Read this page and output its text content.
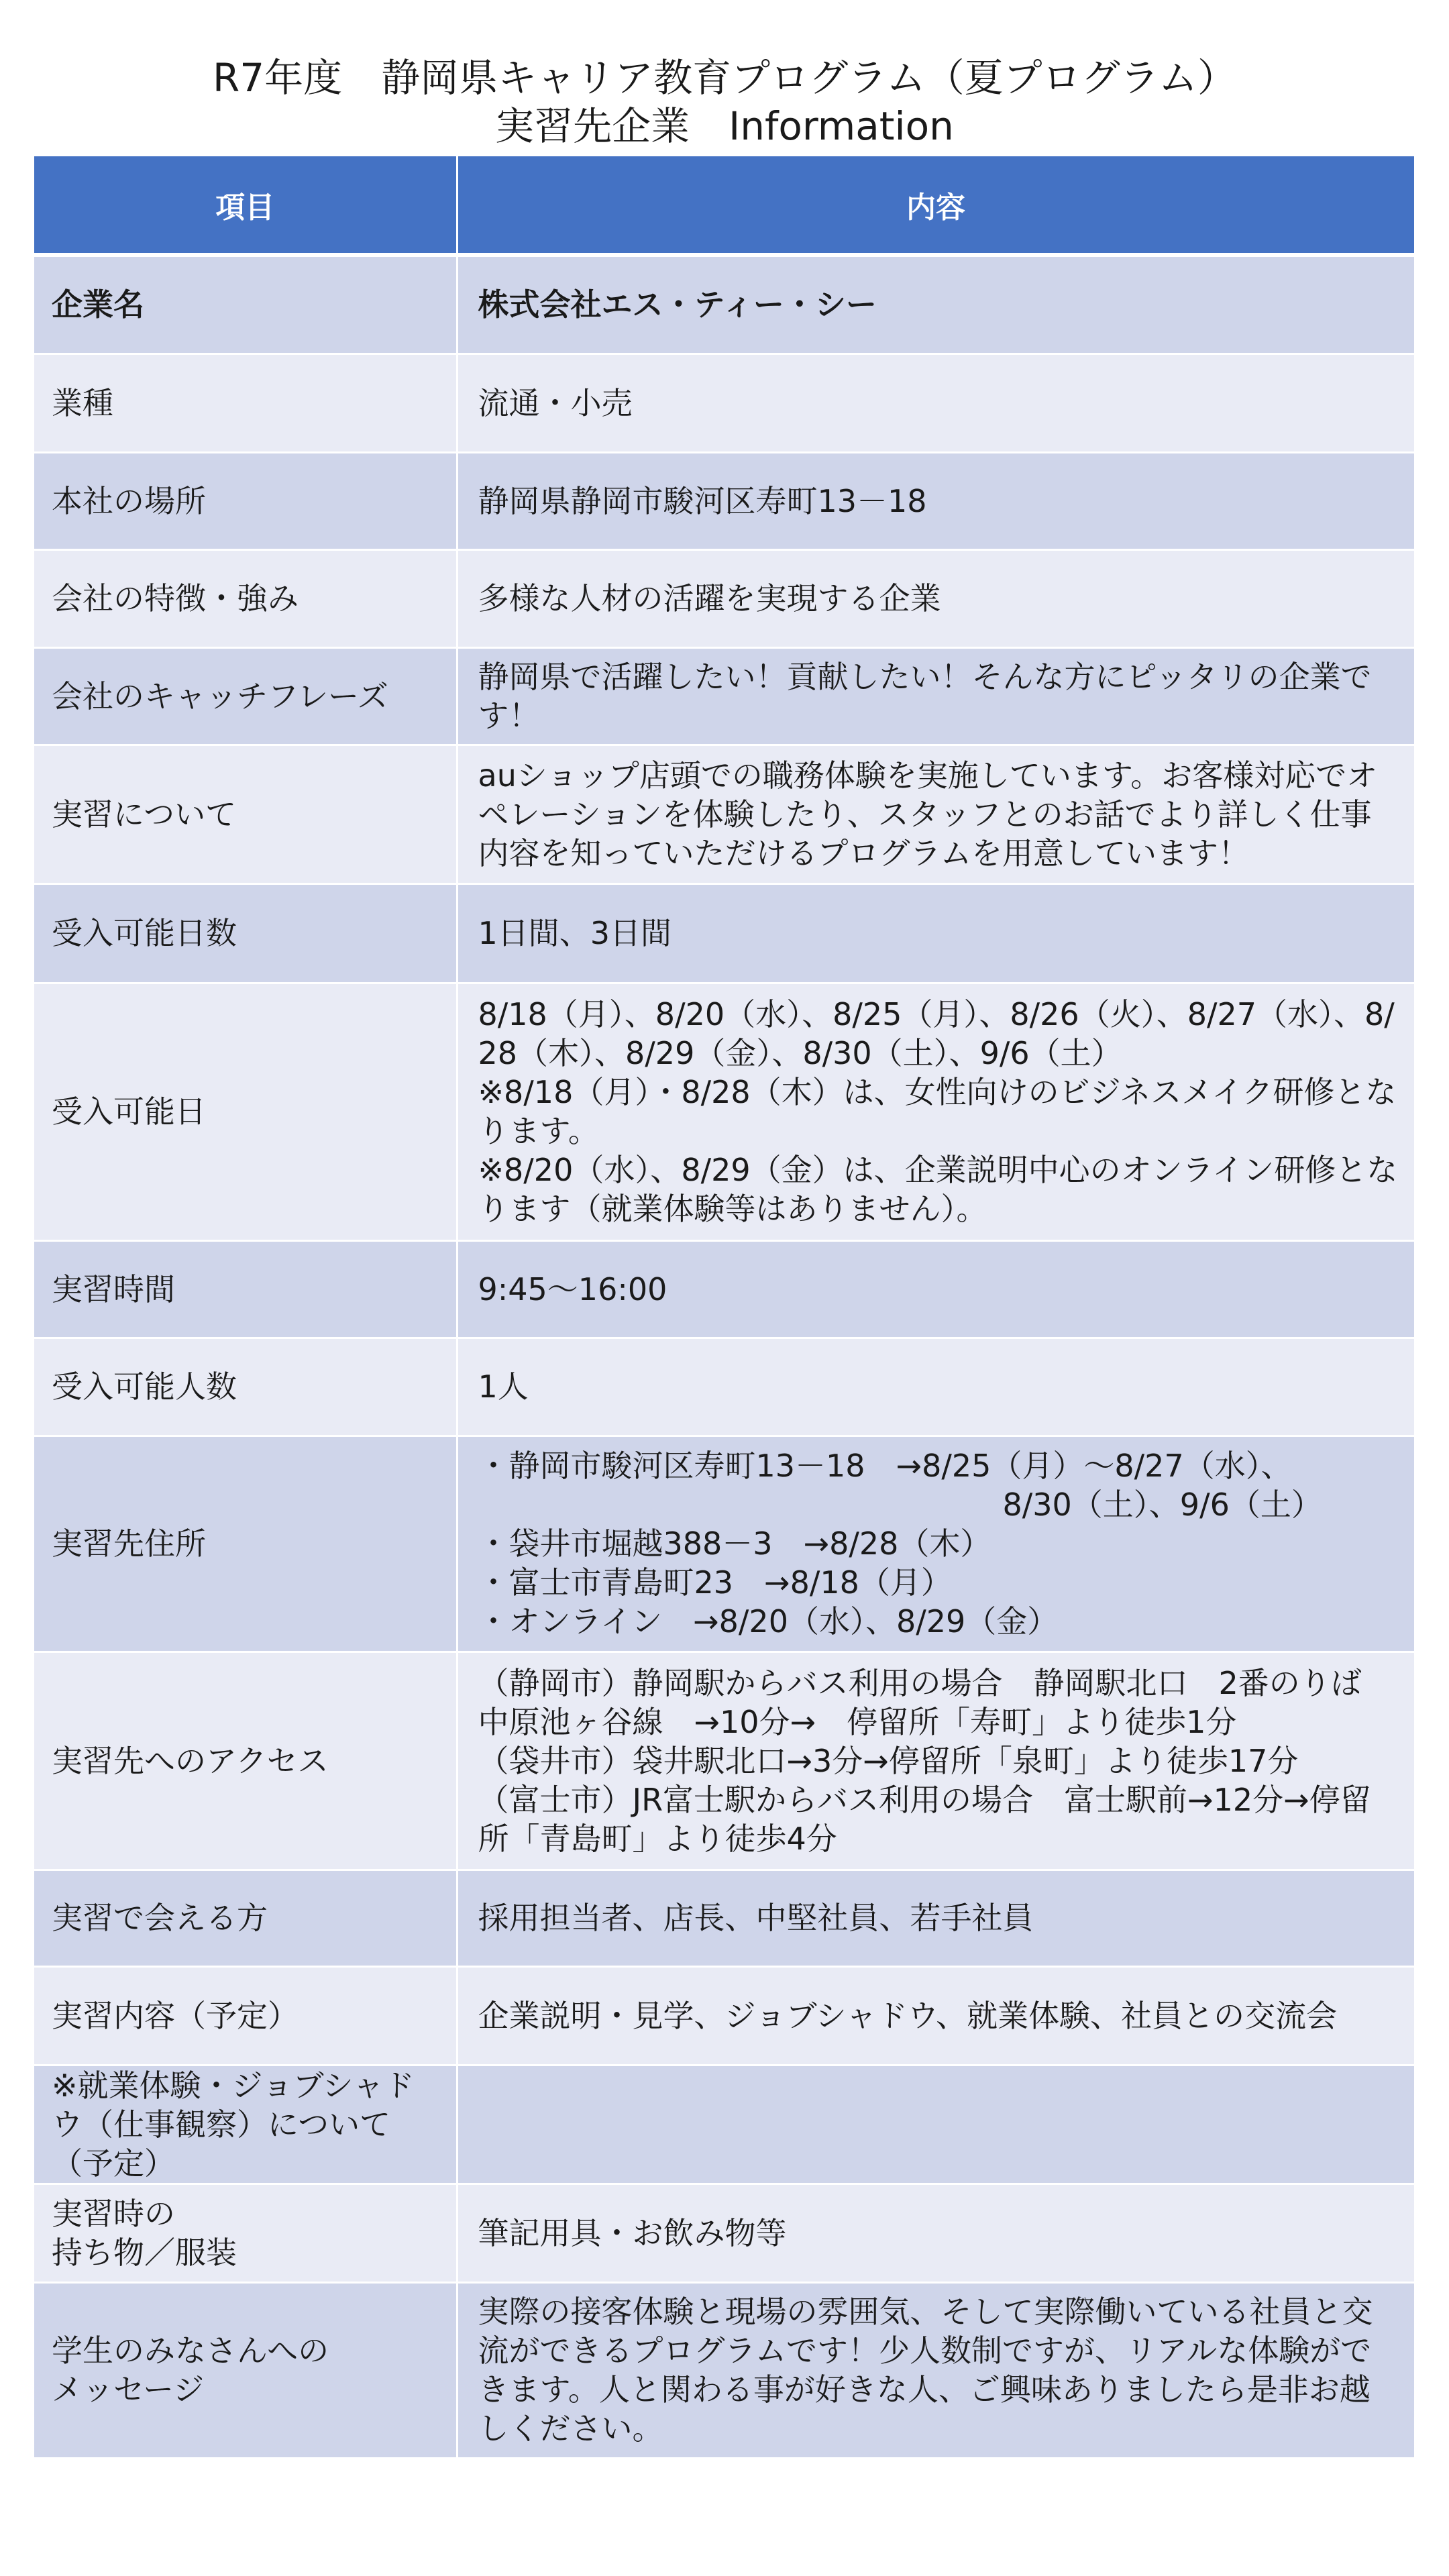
R7年度　静岡県キャリア教育プログラム（夏プログラム）
実習先企業　Information
項目	内容

企業名	株式会社エス・ティー・シー

業種	流通・小売

本社の場所	静岡県静岡市駿河区寿町13－18

会社の特徴・強み	多様な人材の活躍を実現する企業

会社のキャッチフレーズ	静岡県で活躍したい！貢献したい！そんな方にピッタリの企業です！

実習について	auショップ店頭での職務体験を実施しています。お客様対応でオペレーションを体験したり、スタッフとのお話でより詳しく仕事内容を知っていただけるプログラムを用意しています！

受入可能日数	1日間、3日間

受入可能日	8/18（月）、8/20（水）、8/25（月）、8/26（火）、8/27（水）、8/28（木）、8/29（金）、8/30（土）、9/6（土）
※8/18（月）・8/28（木）は、女性向けのビジネスメイク研修となります。
※8/20（水）、8/29（金）は、企業説明中心のオンライン研修となります（就業体験等はありません）。

実習時間	9:45～16:00

受入可能人数	1人

実習先住所	・静岡市駿河区寿町13－18　→8/25（月）～8/27（水）、
　　　　　　　　　　　　　　　　　8/30（土）、9/6（土）
・袋井市堀越388－3　→8/28（木）
・富士市青島町23　→8/18（月）
・オンライン　→8/20（水）、8/29（金）

実習先へのアクセス	（静岡市）静岡駅からバス利用の場合　静岡駅北口　2番のりば　中原池ヶ谷線　→10分→　停留所「寿町」より徒歩1分
（袋井市）袋井駅北口→3分→停留所「泉町」より徒歩17分
（富士市）JR富士駅からバス利用の場合　富士駅前→12分→停留所「青島町」より徒歩4分

実習で会える方	採用担当者、店長、中堅社員、若手社員

実習内容（予定）	企業説明・見学、ジョブシャドウ、就業体験、社員との交流会

※就業体験・ジョブシャドウ（仕事観察）について（予定）	

実習時の
持ち物／服装	筆記用具・お飲み物等

学生のみなさんへの
メッセージ	実際の接客体験と現場の雰囲気、そして実際働いている社員と交流ができるプログラムです！少人数制ですが、リアルな体験ができます。人と関わる事が好きな人、ご興味ありましたら是非お越しください。
